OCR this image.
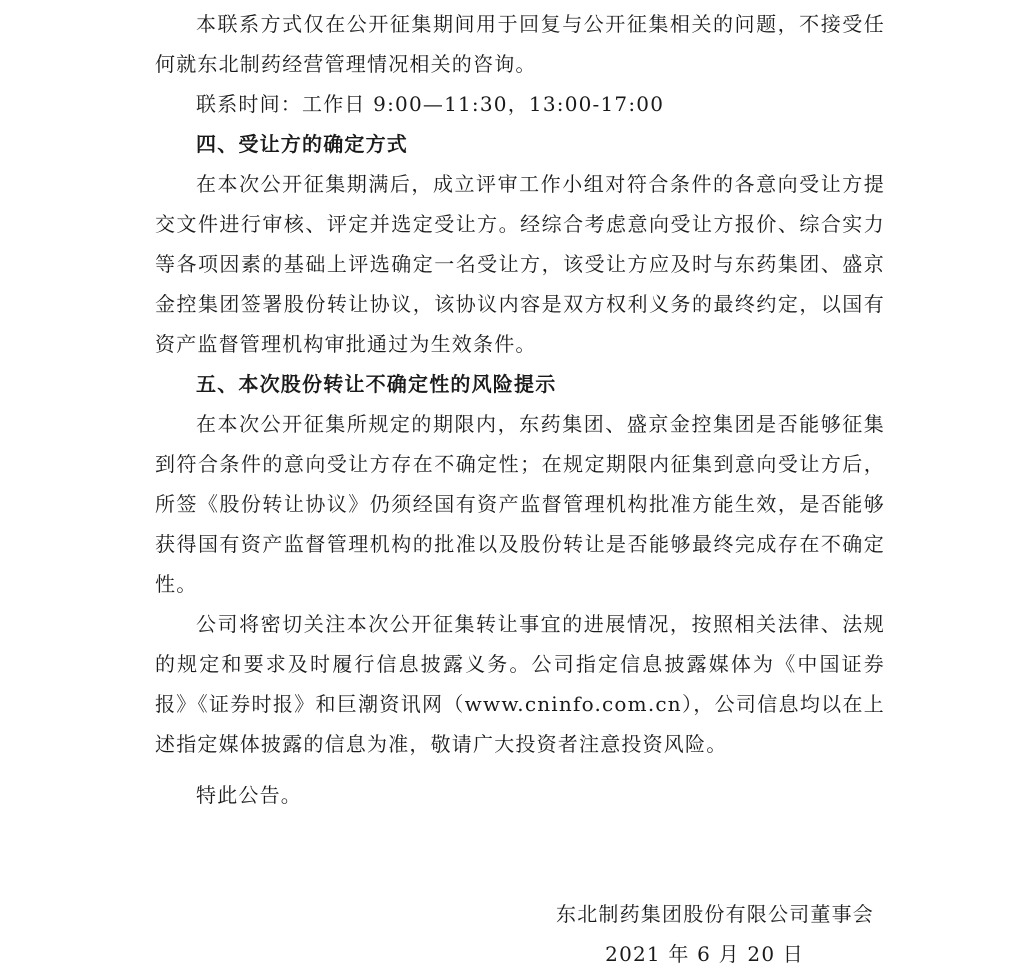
本联系方式仅在公开征集期间用于回复与公开征集相关的问题，不接受任何就东北制药经营管理情况相关的咨询。

联系时间：工作日 9:00—11:30，13:00-17:00

四、受让方的确定方式

在本次公开征集期满后，成立评审工作小组对符合条件的各意向受让方提交文件进行审核、评定并选定受让方。经综合考虑意向受让方报价、综合实力等各项因素的基础上评选确定一名受让方，该受让方应及时与东药集团、盛京金控集团签署股份转让协议，该协议内容是双方权利义务的最终约定，以国有资产监督管理机构审批通过为生效条件。

五、本次股份转让不确定性的风险提示

在本次公开征集所规定的期限内，东药集团、盛京金控集团是否能够征集到符合条件的意向受让方存在不确定性；在规定期限内征集到意向受让方后，所签《股份转让协议》仍须经国有资产监督管理机构批准方能生效，是否能够获得国有资产监督管理机构的批准以及股份转让是否能够最终完成存在不确定性。

公司将密切关注本次公开征集转让事宜的进展情况，按照相关法律、法规的规定和要求及时履行信息披露义务。公司指定信息披露媒体为《中国证券报》《证券时报》和巨潮资讯网（www.cninfo.com.cn），公司信息均以在上述指定媒体披露的信息为准，敬请广大投资者注意投资风险。

特此公告。

东北制药集团股份有限公司董事会

2021 年 6 月 20 日
